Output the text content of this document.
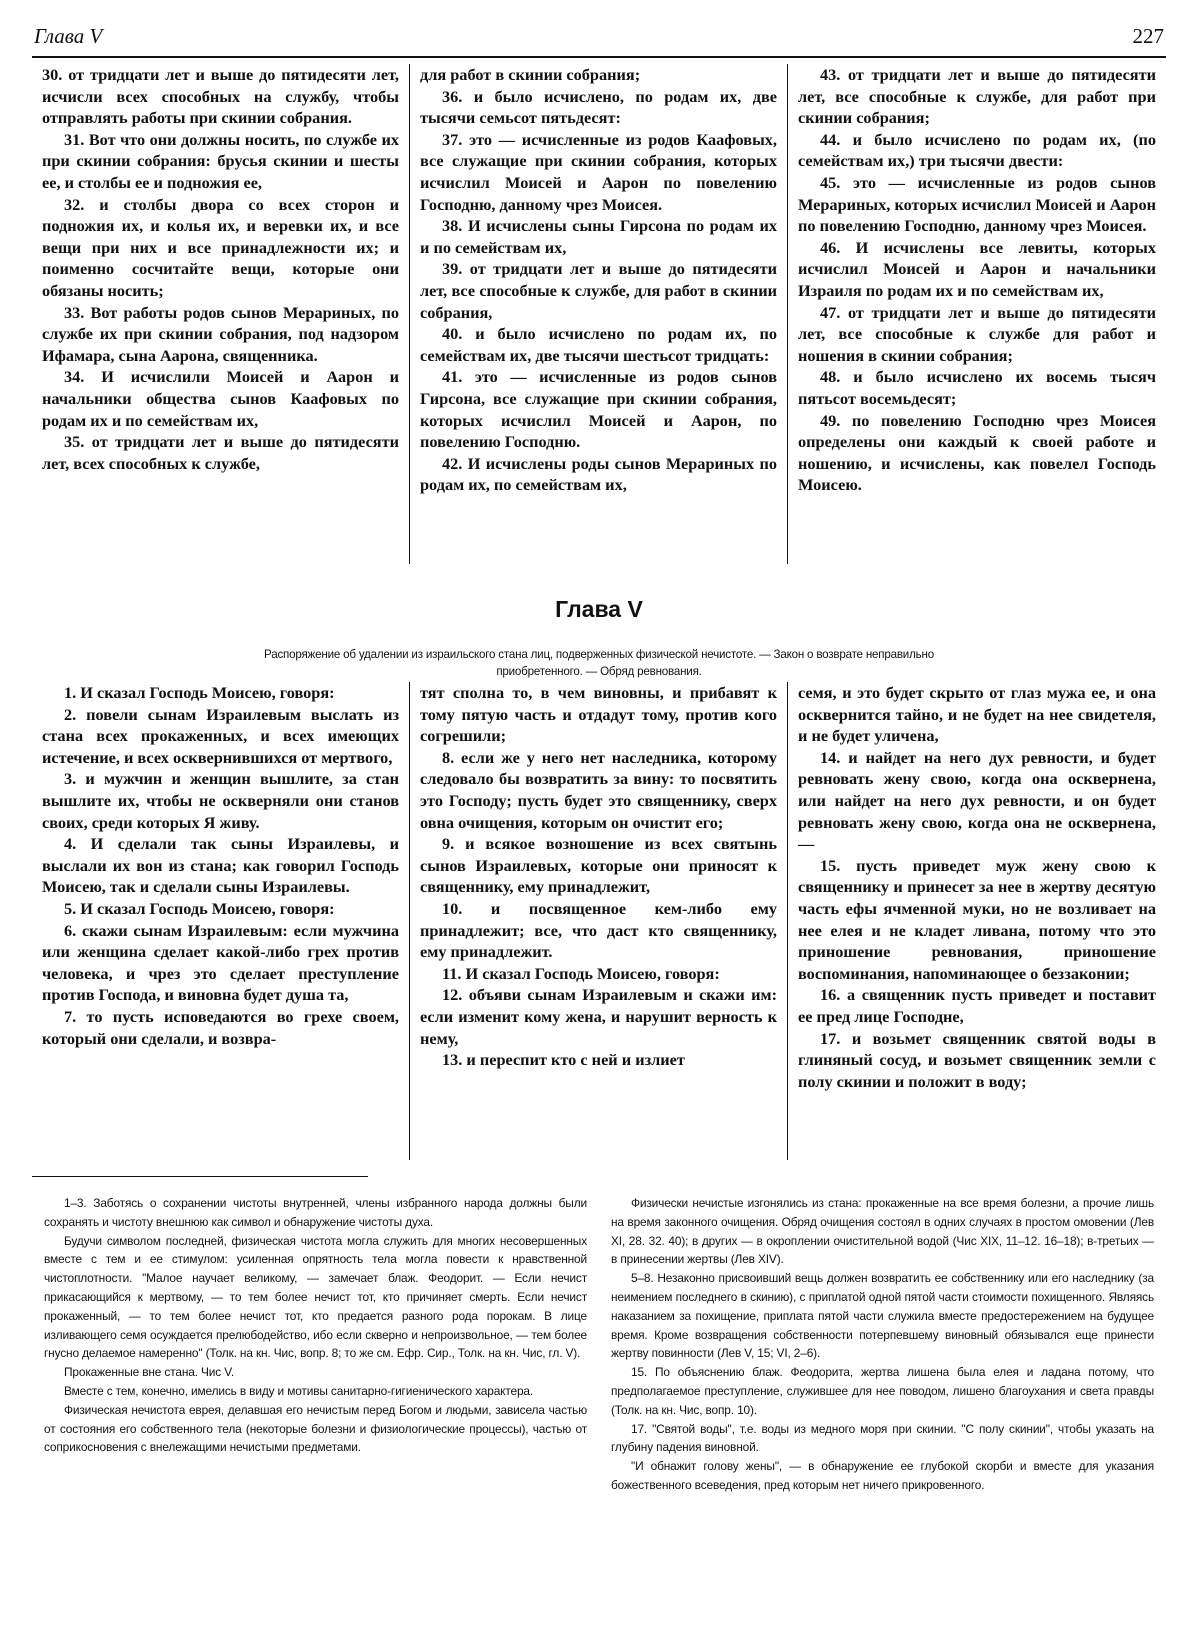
Глава V	227

30. от тридцати лет и выше до пятидесяти лет, исчисли всех способных на службу, чтобы отправлять работы при скинии собрания.

31. Вот что они должны носить, по службе их при скинии собрания: брусья скинии и шесты ее, и столбы ее и подножия ее,

32. и столбы двора со всех сторон и подножия их, и колья их, и веревки их, и все вещи при них и все принадлежности их; и поименно сосчитайте вещи, которые они обязаны носить;

33. Вот работы родов сынов Мерариных, по службе их при скинии собрания, под надзором Ифамара, сына Аарона, священника.

34. И исчислили Моисей и Аарон и начальники общества сынов Каафовых по родам их и по семействам их,

35. от тридцати лет и выше до пятидесяти лет, всех способных к службе,

для работ в скинии собрания;

36. и было исчислено, по родам их, две тысячи семьсот пятьдесят:

37. это — исчисленные из родов Каафовых, все служащие при скинии собрания, которых исчислил Моисей и Аарон по повелению Господню, данному чрез Моисея.

38. И исчислены сыны Гирсона по родам их и по семействам их,

39. от тридцати лет и выше до пятидесяти лет, все способные к службе, для работ в скинии собрания,

40. и было исчислено по родам их, по семействам их, две тысячи шестьсот тридцать:

41. это — исчисленные из родов сынов Гирсона, все служащие при скинии собрания, которых исчислил Моисей и Аарон, по повелению Господню.

42. И исчислены роды сынов Мерариных по родам их, по семействам их,

43. от тридцати лет и выше до пятидесяти лет, все способные к службе, для работ при скинии собрания;

44. и было исчислено по родам их, (по семействам их,) три тысячи двести:

45. это — исчисленные из родов сынов Мерариных, которых исчислил Моисей и Аарон по повелению Господню, данному чрез Моисея.

46. И исчислены все левиты, которых исчислил Моисей и Аарон и начальники Израиля по родам их и по семействам их,

47. от тридцати лет и выше до пятидесяти лет, все способные к службе для работ и ношения в скинии собрания;

48. и было исчислено их восемь тысяч пятьсот восемьдесят;

49. по повелению Господню чрез Моисея определены они каждый к своей работе и ношению, и исчислены, как повелел Господь Моисею.

Глава V
Распоряжение об удалении из израильского стана лиц, подверженных физической нечистоте. — Закон о возврате неправильно приобретенного. — Обряд ревнования.

1. И сказал Господь Моисею, говоря:

2. повели сынам Израилевым выслать из стана всех прокаженных, и всех имеющих истечение, и всех осквернившихся от мертвого,

3. и мужчин и женщин вышлите, за стан вышлите их, чтобы не оскверняли они станов своих, среди которых Я живу.

4. И сделали так сыны Израилевы, и выслали их вон из стана; как говорил Господь Моисею, так и сделали сыны Израилевы.

5. И сказал Господь Моисею, говоря:

6. скажи сынам Израилевым: если мужчина или женщина сделает какой-либо грех против человека, и чрез это сделает преступление против Господа, и виновна будет душа та,

7. то пусть исповедаются во грехе своем, который они сделали, и возвра-

тят сполна то, в чем виновны, и прибавят к тому пятую часть и отдадут тому, против кого согрешили;

8. если же у него нет наследника, которому следовало бы возвратить за вину: то посвятить это Господу; пусть будет это священнику, сверх овна очищения, которым он очистит его;

9. и всякое возношение из всех святынь сынов Израилевых, которые они приносят к священнику, ему принадлежит,

10. и посвященное кем-либо ему принадлежит; все, что даст кто священнику, ему принадлежит.

11. И сказал Господь Моисею, говоря:

12. объяви сынам Израилевым и скажи им: если изменит кому жена, и нарушит верность к нему,

13. и переспит кто с ней и излиет

семя, и это будет скрыто от глаз мужа ее, и она осквернится тайно, и не будет на нее свидетеля, и не будет уличена,

14. и найдет на него дух ревности, и будет ревновать жену свою, когда она осквернена, или найдет на него дух ревности, и он будет ревновать жену свою, когда она не осквернена, —

15. пусть приведет муж жену свою к священнику и принесет за нее в жертву десятую часть ефы ячменной муки, но не возливает на нее елея и не кладет ливана, потому что это приношение ревнования, приношение воспоминания, напоминающее о беззаконии;

16. а священник пусть приведет и поставит ее пред лице Господне,

17. и возьмет священник святой воды в глиняный сосуд, и возьмет священник земли с полу скинии и положит в воду;

1–3. Заботясь о сохранении чистоты внутренней, члены избранного народа должны были сохранять и чистоту внешнюю как символ и обнаружение чистоты духа.

Будучи символом последней, физическая чистота могла служить для многих несовершенных вместе с тем и ее стимулом: усиленная опрятность тела могла повести к нравственной чистоплотности. "Малое научает великому, — замечает блаж. Феодорит. — Если нечист прикасающийся к мертвому, — то тем более нечист тот, кто причиняет смерть. Если нечист прокаженный, — то тем более нечист тот, кто предается разного рода порокам. В лице изливающего семя осуждается прелюбодейство, ибо если скверно и непроизвольное, — тем более гнусно делаемое намеренно" (Толк. на кн. Чис, вопр. 8; то же см. Ефр. Сир., Толк. на кн. Чис, гл. V).

Прокаженные вне стана. Чис V.

Вместе с тем, конечно, имелись в виду и мотивы санитарно-гигиенического характера.

Физическая нечистота еврея, делавшая его нечистым перед Богом и людьми, зависела частью от состояния его собственного тела (некоторые болезни и физиологические процессы), частью от соприкосновения с внележащими нечистыми предметами.

Физически нечистые изгонялись из стана: прокаженные на все время болезни, а прочие лишь на время законного очищения. Обряд очищения состоял в одних случаях в простом омовении (Лев XI, 28. 32. 40); в других — в окроплении очистительной водой (Чис XIX, 11–12. 16–18); в-третьих — в принесении жертвы (Лев XIV).

5–8. Незаконно присвоивший вещь должен возвратить ее собственнику или его наследнику (за неимением последнего в скинию), с приплатой одной пятой части стоимости похищенного. Являясь наказанием за похищение, приплата пятой части служила вместе предостережением на будущее время. Кроме возвращения собственности потерпевшему виновный обязывался еще принести жертву повинности (Лев V, 15; VI, 2–6).

15. По объяснению блаж. Феодорита, жертва лишена была елея и ладана потому, что предполагаемое преступление, служившее для нее поводом, лишено благоухания и света правды (Толк. на кн. Чис, вопр. 10).

17. "Святой воды", т.е. воды из медного моря при скинии. "С полу скинии", чтобы указать на глубину падения виновной.

"И обнажит голову жены", — в обнаружение ее глубокой скорби и вместе для указания божественного всеведения, пред которым нет ничего прикровенного.
